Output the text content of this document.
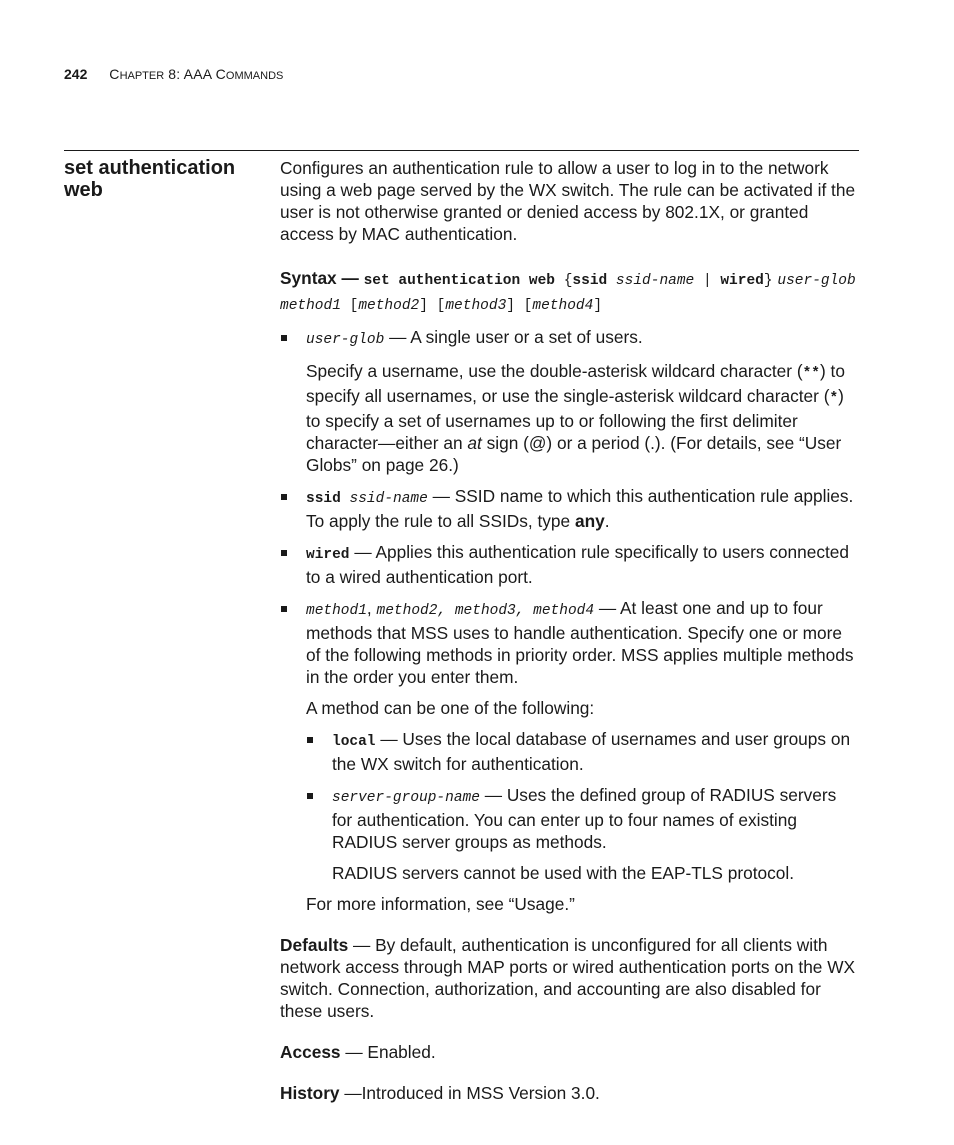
242 CHAPTER 8: AAA COMMANDS
set authentication web

Configures an authentication rule to allow a user to log in to the network using a web page served by the WX switch. The rule can be activated if the user is not otherwise granted or denied access by 802.1X, or granted access by MAC authentication.

Syntax — set authentication web {ssid ssid-name | wired} user-glob method1 [method2] [method3] [method4]

user-glob — A single user or a set of users.

Specify a username, use the double-asterisk wildcard character (**) to specify all usernames, or use the single-asterisk wildcard character (*) to specify a set of usernames up to or following the first delimiter character—either an at sign (@) or a period (.). (For details, see “User Globs” on page 26.)

ssid ssid-name — SSID name to which this authentication rule applies. To apply the rule to all SSIDs, type any.

wired — Applies this authentication rule specifically to users connected to a wired authentication port.

method1, method2, method3, method4 — At least one and up to four methods that MSS uses to handle authentication. Specify one or more of the following methods in priority order. MSS applies multiple methods in the order you enter them.

A method can be one of the following:

local — Uses the local database of usernames and user groups on the WX switch for authentication.

server-group-name — Uses the defined group of RADIUS servers for authentication. You can enter up to four names of existing RADIUS server groups as methods.

RADIUS servers cannot be used with the EAP-TLS protocol.

For more information, see “Usage.”

Defaults — By default, authentication is unconfigured for all clients with network access through MAP ports or wired authentication ports on the WX switch. Connection, authorization, and accounting are also disabled for these users.

Access — Enabled.

History —Introduced in MSS Version 3.0.
